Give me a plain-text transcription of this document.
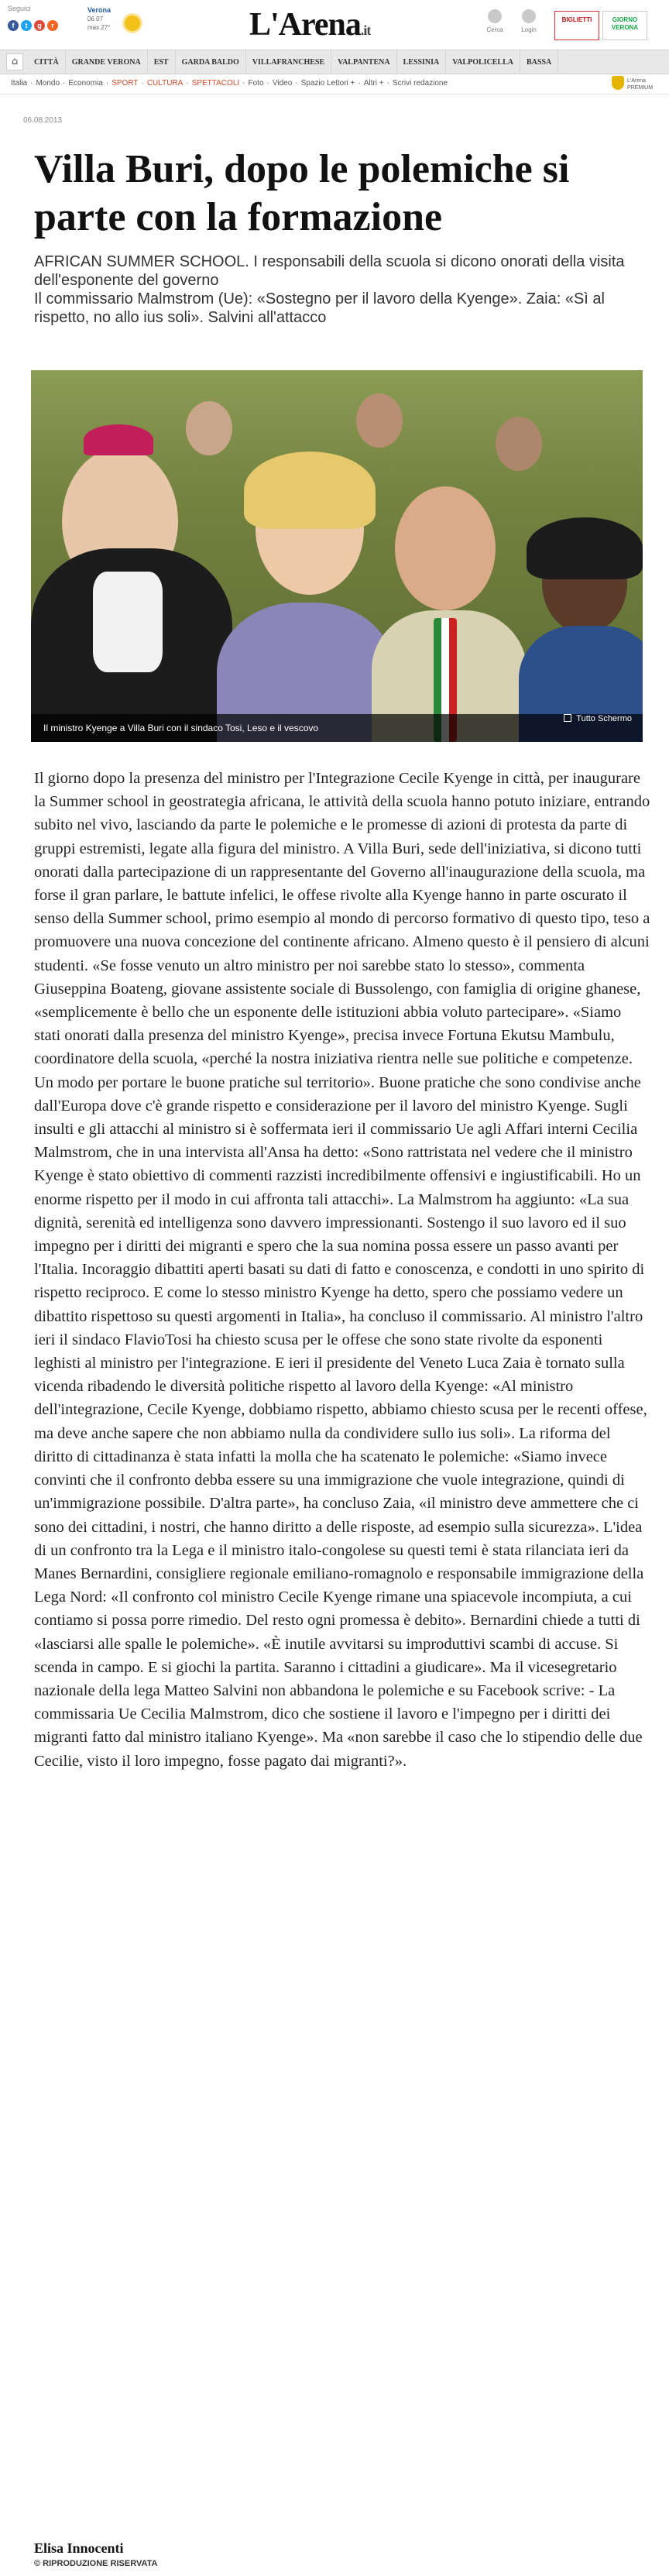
Seguici
f	t	g	r
Verona
06 07
max 27°	L'Arena.it	Cerca	Login
BIGLIETTI	GIORNO VERONA
⌂	CITTÀ	GRANDE VERONA	EST	GARDA BALDO	VILLAFRANCHESE	VALPANTENA	LESSINIA	VALPOLICELLA	BASSA
Italia · Mondo · Economia · SPORT · CULTURA · SPETTACOLI · Foto · Video · Spazio Lettori + · Altri + · Scrivi redazione	L'Arena
PREMIUM
06.08.2013
Villa Buri, dopo le polemiche si parte con la formazione

AFRICAN SUMMER SCHOOL. I responsabili della scuola si dicono onorati della visita dell'esponente del governo

Il commissario Malmstrom (Ue): «Sostegno per il lavoro della Kyenge». Zaia: «Sì al rispetto, no allo ius soli». Salvini all'attacco

Il ministro Kyenge a Villa Buri con il sindaco Tosi, Leso e il vescovo
Tutto Schermo
Il giorno dopo la presenza del ministro per l'Integrazione Cecile Kyenge in città, per inaugurare la Summer school in geostrategia africana, le attività della scuola hanno potuto iniziare, entrando subito nel vivo, lasciando da parte le polemiche e le promesse di azioni di protesta da parte di gruppi estremisti, legate alla figura del ministro. A Villa Buri, sede dell'iniziativa, si dicono tutti onorati dalla partecipazione di un rappresentante del Governo all'inaugurazione della scuola, ma forse il gran parlare, le battute infelici, le offese rivolte alla Kyenge hanno in parte oscurato il senso della Summer school, primo esempio al mondo di percorso formativo di questo tipo, teso a promuovere una nuova concezione del continente africano. Almeno questo è il pensiero di alcuni studenti. «Se fosse venuto un altro ministro per noi sarebbe stato lo stesso», commenta Giuseppina Boateng, giovane assistente sociale di Bussolengo, con famiglia di origine ghanese, «semplicemente è bello che un esponente delle istituzioni abbia voluto partecipare». «Siamo stati onorati dalla presenza del ministro Kyenge», precisa invece Fortuna Ekutsu Mambulu, coordinatore della scuola, «perché la nostra iniziativa rientra nelle sue politiche e competenze. Un modo per portare le buone pratiche sul territorio». Buone pratiche che sono condivise anche dall'Europa dove c'è grande rispetto e considerazione per il lavoro del ministro Kyenge. Sugli insulti e gli attacchi al ministro si è soffermata ieri il commissario Ue agli Affari interni Cecilia Malmstrom, che in una intervista all'Ansa ha detto: «Sono rattristata nel vedere che il ministro Kyenge è stato obiettivo di commenti razzisti incredibilmente offensivi e ingiustificabili. Ho un enorme rispetto per il modo in cui affronta tali attacchi». La Malmstrom ha aggiunto: «La sua dignità, serenità ed intelligenza sono davvero impressionanti. Sostengo il suo lavoro ed il suo impegno per i diritti dei migranti e spero che la sua nomina possa essere un passo avanti per l'Italia. Incoraggio dibattiti aperti basati su dati di fatto e conoscenza, e condotti in uno spirito di rispetto reciproco. E come lo stesso ministro Kyenge ha detto, spero che possiamo vedere un dibattito rispettoso su questi argomenti in Italia», ha concluso il commissario. Al ministro l'altro ieri il sindaco FlavioTosi ha chiesto scusa per le offese che sono state rivolte da esponenti leghisti al ministro per l'integrazione. E ieri il presidente del Veneto Luca Zaia è tornato sulla vicenda ribadendo le diversità politiche rispetto al lavoro della Kyenge: «Al ministro dell'integrazione, Cecile Kyenge, dobbiamo rispetto, abbiamo chiesto scusa per le recenti offese, ma deve anche sapere che non abbiamo nulla da condividere sullo ius soli». La riforma del diritto di cittadinanza è stata infatti la molla che ha scatenato le polemiche: «Siamo invece convinti che il confronto debba essere su una immigrazione che vuole integrazione, quindi di un'immigrazione possibile. D'altra parte», ha concluso Zaia, «il ministro deve ammettere che ci sono dei cittadini, i nostri, che hanno diritto a delle risposte, ad esempio sulla sicurezza». L'idea di un confronto tra la Lega e il ministro italo-congolese su questi temi è stata rilanciata ieri da Manes Bernardini, consigliere regionale emiliano-romagnolo e responsabile immigrazione della Lega Nord: «Il confronto col ministro Cecile Kyenge rimane una spiacevole incompiuta, a cui contiamo si possa porre rimedio. Del resto ogni promessa è debito». Bernardini chiede a tutti di «lasciarsi alle spalle le polemiche». «È inutile avvitarsi su improduttivi scambi di accuse. Si scenda in campo. E si giochi la partita. Saranno i cittadini a giudicare». Ma il vicesegretario nazionale della lega Matteo Salvini non abbandona le polemiche e su Facebook scrive: - La commissaria Ue Cecilia Malmstrom, dico che sostiene il lavoro e l'impegno per i diritti dei migranti fatto dal ministro italiano Kyenge». Ma «non sarebbe il caso che lo stipendio delle due Cecilie, visto il loro impegno, fosse pagato dai migranti?».
Elisa Innocenti
© RIPRODUZIONE RISERVATA
